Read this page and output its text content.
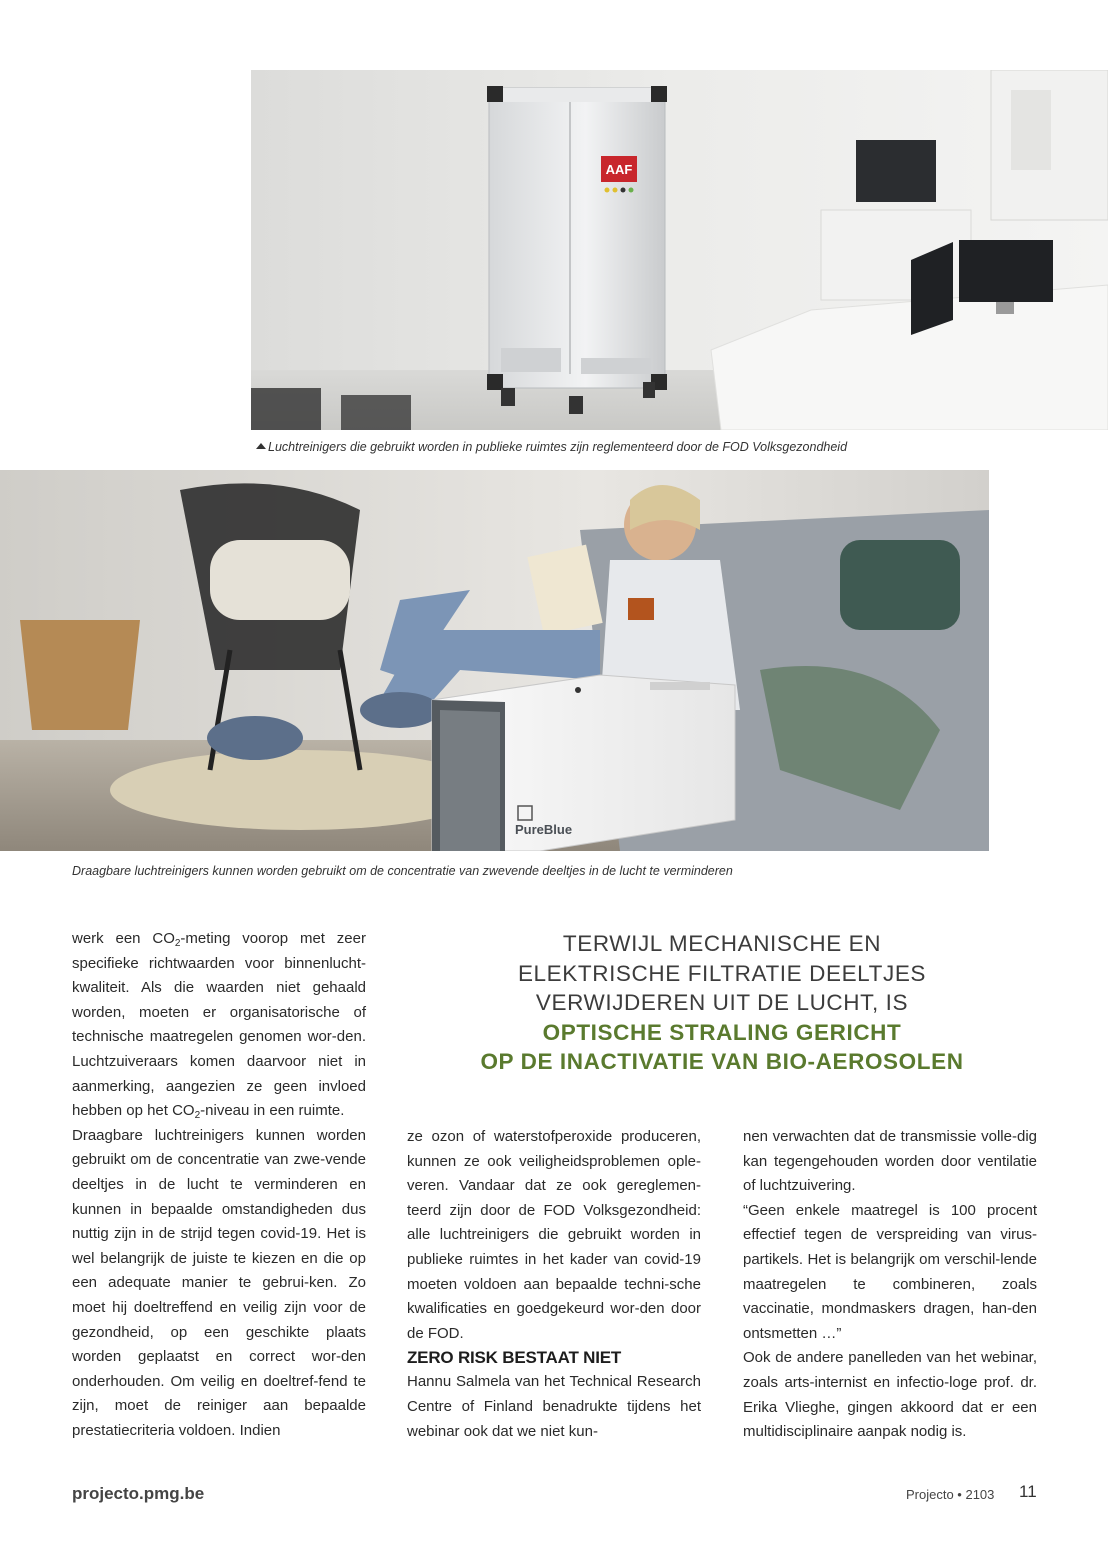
AAF
Luchtreinigers die gebruikt worden in publieke ruimtes zijn reglementeerd door de FOD Volksgezondheid
PureBlue
Draagbare luchtreinigers kunnen worden gebruikt om de concentratie van zwevende deeltjes in de lucht te verminderen

werk een $CO_2$-meting voorop met zeer specifieke richtwaarden voor binnenlucht-kwaliteit. Als die waarden niet gehaald worden, moeten er organisatorische of technische maatregelen genomen wor-den. Luchtzuiveraars komen daarvoor niet in aanmerking, aangezien ze geen invloed hebben op het $CO_2$-niveau in een ruimte.

Draagbare luchtreinigers kunnen worden gebruikt om de concentratie van zwe-vende deeltjes in de lucht te verminderen en kunnen in bepaalde omstandigheden dus nuttig zijn in de strijd tegen covid-19. Het is wel belangrijk de juiste te kiezen en die op een adequate manier te gebrui-ken. Zo moet hij doeltreffend en veilig zijn voor de gezondheid, op een geschikte plaats worden geplaatst en correct wor-den onderhouden. Om veilig en doeltref-fend te zijn, moet de reiniger aan bepaalde prestatiecriteria voldoen. Indien

TERWIJL MECHANISCHE EN

ELEKTRISCHE FILTRATIE DEELTJES

VERWIJDEREN UIT DE LUCHT, IS

OPTISCHE STRALING GERICHT

OP DE INACTIVATIE VAN BIO-AEROSOLEN

ze ozon of waterstofperoxide produceren, kunnen ze ook veiligheidsproblemen ople-veren. Vandaar dat ze ook gereglemen-teerd zijn door de FOD Volksgezondheid: alle luchtreinigers die gebruikt worden in publieke ruimtes in het kader van covid-19 moeten voldoen aan bepaalde techni-sche kwalificaties en goedgekeurd wor-den door de FOD.

ZERO RISK BESTAAT NIET

Hannu Salmela van het Technical Research Centre of Finland benadrukte tijdens het webinar ook dat we niet kun-

nen verwachten dat de transmissie volle-dig kan tegengehouden worden door ventilatie of luchtzuivering.

“Geen enkele maatregel is 100 procent effectief tegen de verspreiding van virus-partikels. Het is belangrijk om verschil-lende maatregelen te combineren, zoals vaccinatie, mondmaskers dragen, han-den ontsmetten …”

Ook de andere panelleden van het webinar, zoals arts-internist en infectio-loge prof. dr. Erika Vlieghe, gingen akkoord dat er een multidisciplinaire aanpak nodig is.

projecto.pmg.be	Projecto • 2103 11
